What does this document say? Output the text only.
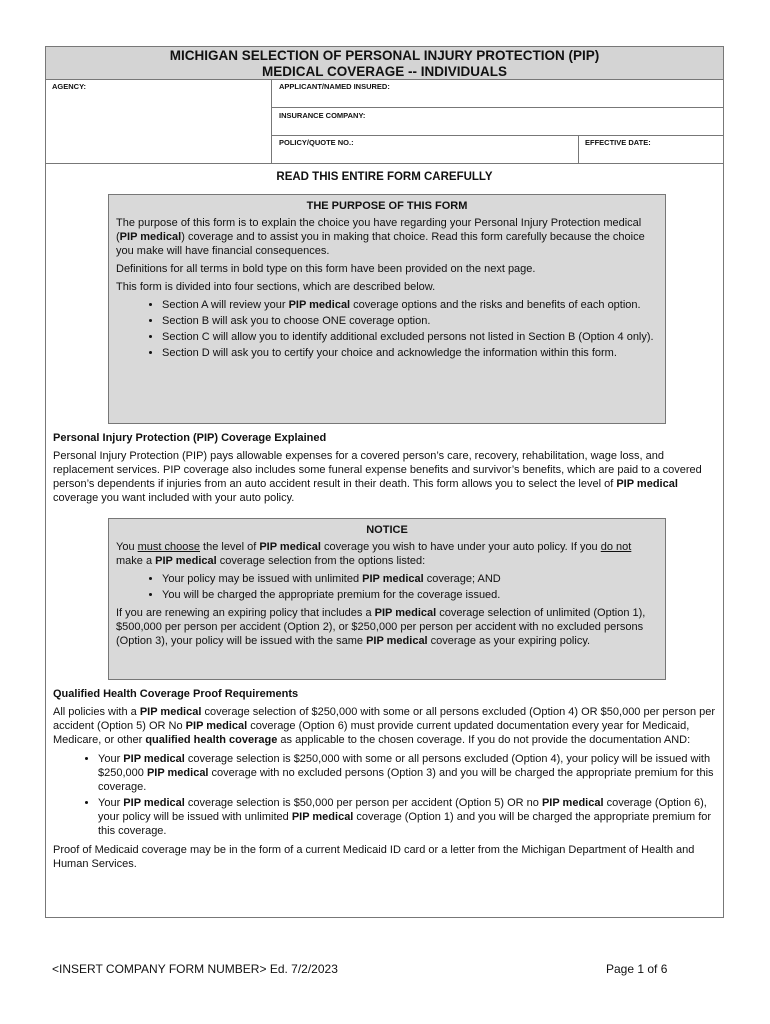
MICHIGAN SELECTION OF PERSONAL INJURY PROTECTION (PIP)
MEDICAL COVERAGE -- INDIVIDUALS
AGENCY:	APPLICANT/NAMED INSURED:
INSURANCE COMPANY:
POLICY/QUOTE NO.:	EFFECTIVE DATE:
READ THIS ENTIRE FORM CAREFULLY
THE PURPOSE OF THIS FORM

The purpose of this form is to explain the choice you have regarding your Personal Injury Protection medical (PIP medical) coverage and to assist you in making that choice. Read this form carefully because the choice you make will have financial consequences.

Definitions for all terms in bold type on this form have been provided on the next page.

This form is divided into four sections, which are described below.

• Section A will review your PIP medical coverage options and the risks and benefits of each option.
• Section B will ask you to choose ONE coverage option.
• Section C will allow you to identify additional excluded persons not listed in Section B (Option 4 only).
• Section D will ask you to certify your choice and acknowledge the information within this form.
Personal Injury Protection (PIP) Coverage Explained

Personal Injury Protection (PIP) pays allowable expenses for a covered person’s care, recovery, rehabilitation, wage loss, and replacement services. PIP coverage also includes some funeral expense benefits and survivor’s benefits, which are paid to a covered person’s dependents if injuries from an auto accident result in their death. This form allows you to select the level of PIP medical coverage you want included with your auto policy.

NOTICE

You must choose the level of PIP medical coverage you wish to have under your auto policy. If you do not make a PIP medical coverage selection from the options listed:

• Your policy may be issued with unlimited PIP medical coverage; AND
• You will be charged the appropriate premium for the coverage issued.

If you are renewing an expiring policy that includes a PIP medical coverage selection of unlimited (Option 1), $500,000 per person per accident (Option 2), or $250,000 per person per accident with no excluded persons (Option 3), your policy will be issued with the same PIP medical coverage as your expiring policy.

Qualified Health Coverage Proof Requirements

All policies with a PIP medical coverage selection of $250,000 with some or all persons excluded (Option 4) OR $50,000 per person per accident (Option 5) OR No PIP medical coverage (Option 6) must provide current updated documentation every year for Medicaid, Medicare, or other qualified health coverage as applicable to the chosen coverage. If you do not provide the documentation AND:

• Your PIP medical coverage selection is $250,000 with some or all persons excluded (Option 4), your policy will be issued with $250,000 PIP medical coverage with no excluded persons (Option 3) and you will be charged the appropriate premium for this coverage.
• Your PIP medical coverage selection is $50,000 per person per accident (Option 5) OR no PIP medical coverage (Option 6), your policy will be issued with unlimited PIP medical coverage (Option 1) and you will be charged the appropriate premium for this coverage.

Proof of Medicaid coverage may be in the form of a current Medicaid ID card or a letter from the Michigan Department of Health and Human Services.

<INSERT COMPANY FORM NUMBER> Ed. 7/2/2023	Page 1 of 6
